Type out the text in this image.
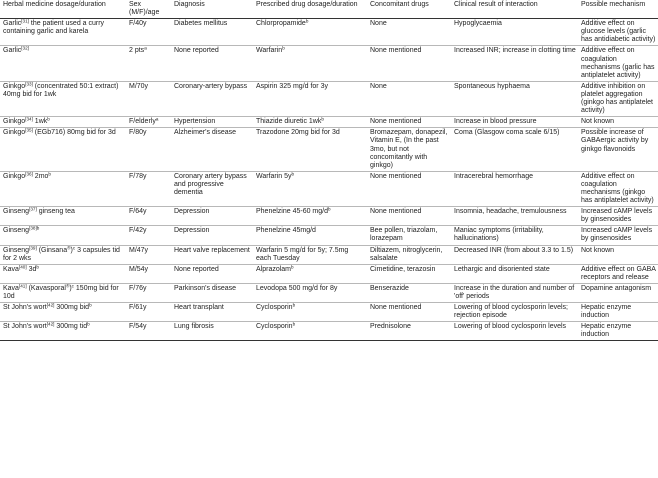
Herbal medicine dosage/duration	Sex (M/F)/age	Diagnosis	Prescribed drug dosage/duration	Concomitant drugs	Clinical result of interaction	Possible mechanism
Garlic[31] the patient used a curry containing garlic and karela	F/40y	Diabetes mellitus	Chlorpropamide$^b$	None	Hypoglycaemia	Additive effect on glucose levels (garlic has antidiabetic activity)
Garlic[32]	2 pts$^a$	None reported	Warfarin$^b$	None mentioned	Increased INR; increase in clotting time	Additive effect on coagulation mechanisms (garlic has antiplatelet activity)
Ginkgo[33] (concentrated 50:1 extract) 40mg bid for 1wk	M/70y	Coronary-artery bypass	Aspirin 325 mg/d for 3y	None	Spontaneous hyphaema	Additive inhibition on platelet aggregation (ginkgo has antiplatelet activity)
Ginkgo[34] $1wk^b$	F/elderly$^a$	Hypertension	Thiazide diuretic $1wk^b$	None mentioned	Increase in blood pressure	Not known
Ginkgo[35] (EGb716) 80mg bid for 3d	F/80y	Alzheimer's disease	Trazodone 20mg bid for 3d	Bromazepam, donapezil, Vitamin E, (In the past 3mo, but not concomitantly with ginkgo)	Coma (Glasgow coma scale 6/15)	Possible increase of GABAergic activity by ginkgo flavonoids
Ginkgo[36] $2mo^b$	F/78y	Coronary artery bypass and progressive dementia	Warfarin $5y^b$	None mentioned	Intracerebral hemorrhage	Additive effect on coagulation mechanisms (ginkgo has antiplatelet activity)
Ginseng[37] ginseng tea	F/64y	Depression	Phenelzine 45-60 $mg/d^b$	None mentioned	Insomnia, headache, tremulousness	Increased cAMP levels by ginsenosides
Ginseng$^{[38]b}$	F/42y	Depression	Phenelzine 45mg/d	Bee pollen, triazolam, lorazepam	Maniac symptoms (irritability, hallucinations)	Increased cAMP levels by ginsenosides
Ginseng[39] (Ginsana®)$^c$ 3 capsules tid for 2 wks	M/47y	Heart valve replacement	Warfarin 5 mg/d for 5y; 7.5mg each Tuesday	Diltiazem, nitroglycerin, salsalate	Decreased INR (from about 3.3 to 1.5)	Not known
Kava[40] $3d^b$	M/54y	None reported	Alprazolam$^b$	Cimetidine, terazosin	Lethargic and disoriented state	Additive effect on GABA receptors and release
Kava[41] (Kavasporal®)$^c$ 150mg bid for 10d	F/76y	Parkinson's disease	Levodopa 500 mg/d for 8y	Benserazide	Increase in the duration and number of 'off' periods	Dopamine antagonism
St John's wort[42] 300mg bid$^b$	F/61y	Heart transplant	Cyclosporin$^b$	None mentioned	Lowering of blood cyclosporin levels; rejection episode	Hepatic enzyme induction
St John's wort[42] 300mg tid$^b$	F/54y	Lung fibrosis	Cyclosporin$^b$	Prednisolone	Lowering of blood cyclosporin levels	Hepatic enzyme induction
